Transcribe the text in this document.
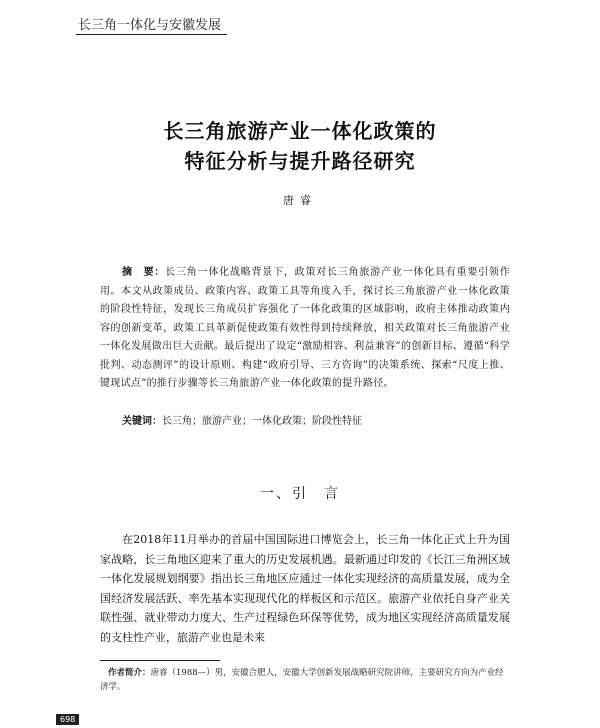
长三角一体化与安徽发展
长三角旅游产业一体化政策的
特征分析与提升路径研究
唐睿
摘　要：长三角一体化战略背景下，政策对长三角旅游产业一体化具有重要引领作用。本文从政策成员、政策内容、政策工具等角度入手，探讨长三角旅游产业一体化政策的阶段性特征，发现长三角成员扩容强化了一体化政策的区域影响，政府主体推动政策内容的创新变革，政策工具革新促使政策有效性得到持续释放，相关政策对长三角旅游产业一体化发展做出巨大贡献。最后提出了设定“激励相容、利益兼容”的创新目标、遵循“科学批判、动态测评”的设计原则、构建“政府引导、三方咨询”的决策系统、探索“尺度上推、键现试点”的推行步骤等长三角旅游产业一体化政策的提升路径。
关键词：长三角；旅游产业；一体化政策；阶段性特征
一、引　言
在2018年11月举办的首届中国国际进口博览会上，长三角一体化正式上升为国家战略，长三角地区迎来了重大的历史发展机遇。最新通过印发的《长江三角洲区域一体化发展规划纲要》指出长三角地区应通过一体化实现经济的高质量发展，成为全国经济发展活跃、率先基本实现现代化的样板区和示范区。旅游产业依托自身产业关联性强、就业带动力度大、生产过程绿色环保等优势，成为地区实现经济高质量发展的支柱性产业，旅游产业也是未来
作者简介：唐睿（1988—）男，安徽合肥人，安徽大学创新发展战略研究院讲师，主要研究方向为产业经济学。
698
